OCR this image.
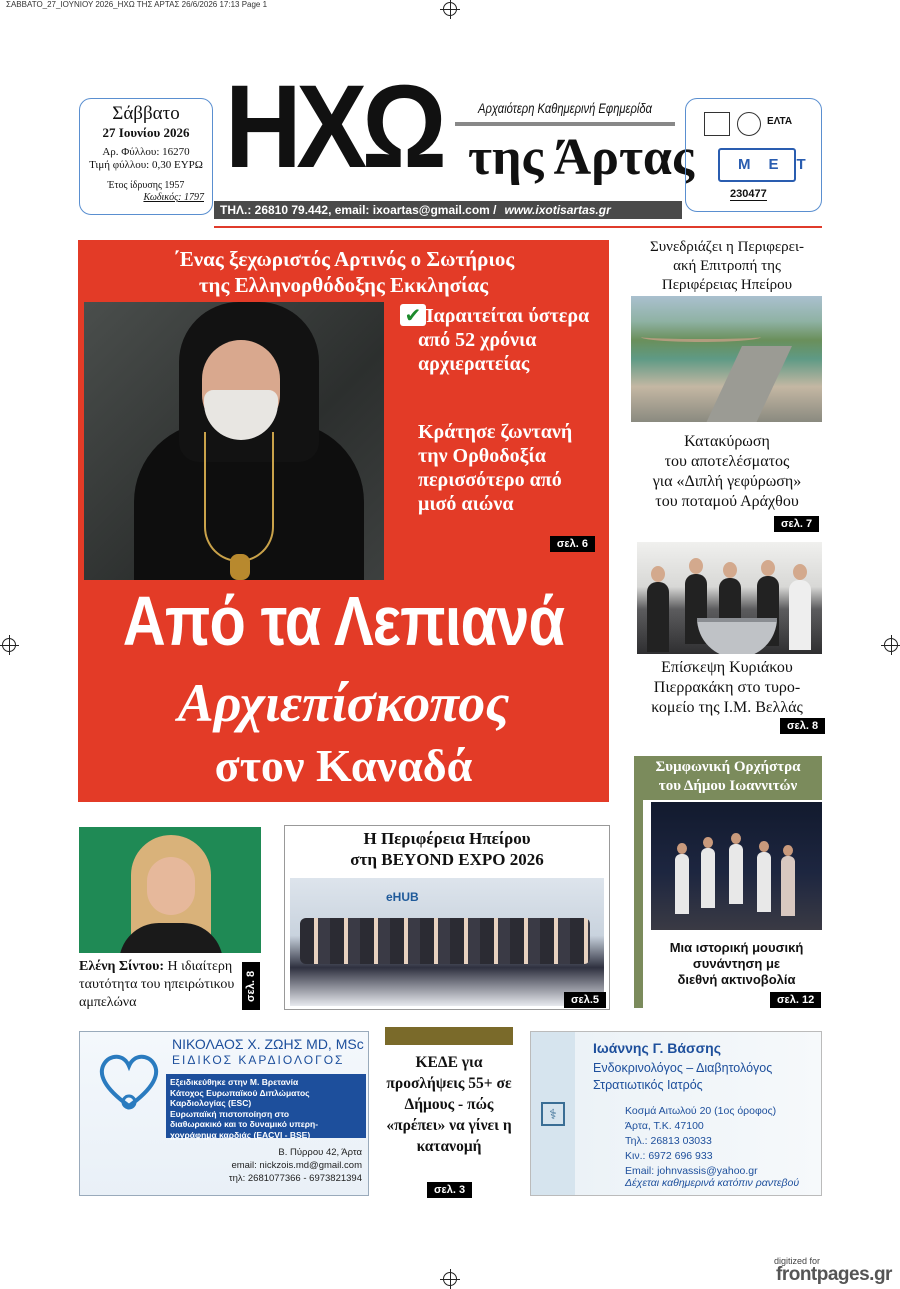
ΣΑΒΒΑΤΟ_27_ΙΟΥΝΙΟΥ 2026_ΗΧΩ ΤΗΣ ΑΡΤΑΣ 26/6/2026 17:13 Page 1
Σάββατο
27 Ιουνίου 2026
Αρ. Φύλλου: 16270
Τιμή φύλλου: 0,30 ΕΥΡΩ
Έτος ίδρυσης 1957
Κωδικός: 1797
ΗΧΩ	Αρχαιότερη Καθημερινή Εφημερίδα
της Άρτας
ΤΗΛ.: 26810 79.442, email: ixoartas@gmail.com / www.ixotisartas.gr
ΕΛΤΑ
ΜΕΤ
230477
΄Ενας ξεχωριστός Αρτινός ο Σωτήριος
της Ελληνορθόδοξης Εκκλησίας
✔
Παραιτείται ύστερα από 52 χρόνια αρχιερατείας
Κράτησε ζωντανή την Ορθοδοξία περισσότερο από μισό αιώνα
σελ. 6
Από τα Λεπιανά
Αρχιεπίσκοπος
στον Καναδά
Συνεδριάζει η Περιφερει-
ακή Επιτροπή της
Περιφέρειας Ηπείρου
Κατακύρωση
του αποτελέσματος
για «Διπλή γεφύρωση»
του ποταμού Αράχθου
σελ. 7
Επίσκεψη Κυριάκου
Πιερρακάκη στο τυρο-
κομείο της Ι.Μ. Βελλάς
σελ. 8
Συμφωνική Ορχήστρα
του Δήμου Ιωαννιτών
Μια ιστορική μουσική
συνάντηση με
διεθνή ακτινοβολία
σελ. 12
Ελένη Σίντου: Η ιδιαίτερη ταυτότητα του ηπειρώτικου αμπελώνα
σελ. 8
Η Περιφέρεια Ηπείρου
στη BEYOND EXPO 2026
eHUB
σελ.5
ΝΙΚΟΛΑΟΣ Χ. ΖΩΗΣ MD, MSc
ΕΙΔΙΚΟΣ ΚΑΡΔΙΟΛΟΓΟΣ
Εξειδικεύθηκε στην Μ. Βρετανία
Κάτοχος Ευρωπαϊκού Διπλώματος
Καρδιολογίας (ESC)
Ευρωπαϊκή πιστοποίηση στο
διαθωρακικό και το δυναμικό υπερη-
χογράφημα καρδιάς (EACVI - BSE)
Β. Πύρρου 42, Άρτα
email: nickzois.md@gmail.com
τηλ: 2681077366 - 6973821394
ΚΕΔΕ για προσλήψεις 55+ σε Δήμους - πώς «πρέπει» να γίνει η κατανομή
σελ. 3
⚕
Ιωάννης Γ. Βάσσης
Ενδοκρινολόγος – Διαβητολόγος
Στρατιωτικός Ιατρός
Κοσμά Αιτωλού 20 (1ος όροφος)
Άρτα, Τ.Κ. 47100
Τηλ.: 26813 03033
Κιν.: 6972 696 933
Email: johnvassis@yahoo.gr
Δέχεται καθημερινά κατόπιν ραντεβού
digitized for
frontpages.gr
